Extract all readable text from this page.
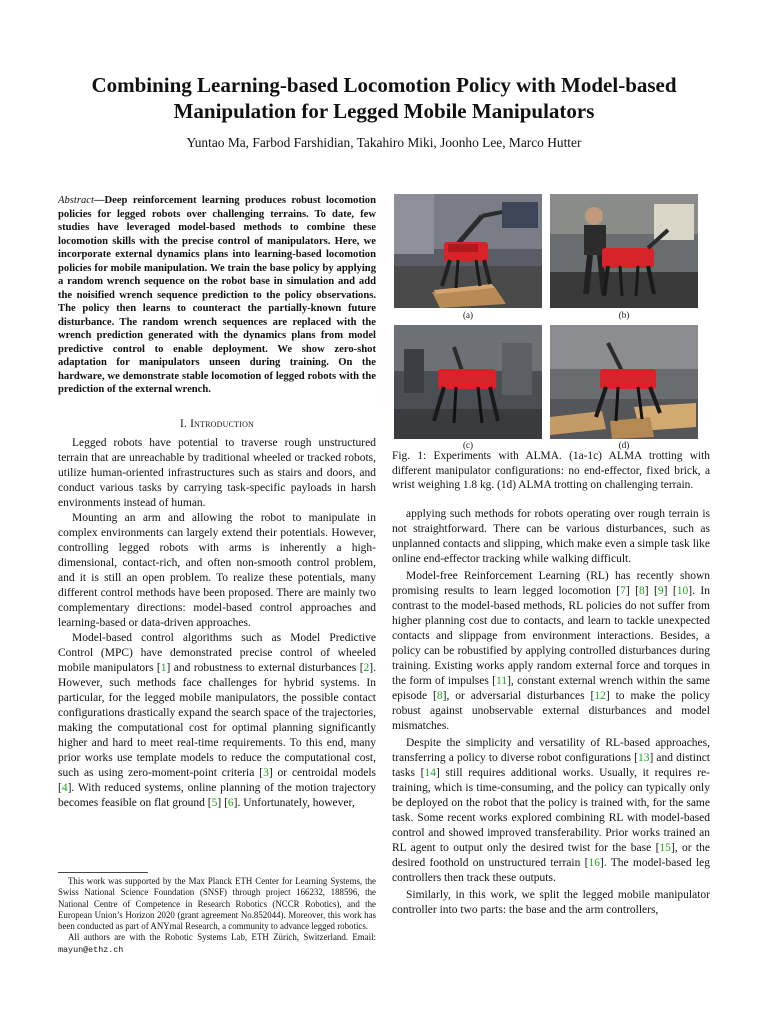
Combining Learning-based Locomotion Policy with Model-based Manipulation for Legged Mobile Manipulators
Yuntao Ma, Farbod Farshidian, Takahiro Miki, Joonho Lee, Marco Hutter
Abstract—Deep reinforcement learning produces robust locomotion policies for legged robots over challenging terrains. To date, few studies have leveraged model-based methods to combine these locomotion skills with the precise control of manipulators. Here, we incorporate external dynamics plans into learning-based locomotion policies for mobile manipulation. We train the base policy by applying a random wrench sequence on the robot base in simulation and add the noisified wrench sequence prediction to the policy observations. The policy then learns to counteract the partially-known future disturbance. The random wrench sequences are replaced with the wrench prediction generated with the dynamics plans from model predictive control to enable deployment. We show zero-shot adaptation for manipulators unseen during training. On the hardware, we demonstrate stable locomotion of legged robots with the prediction of the external wrench.
I. Introduction

Legged robots have potential to traverse rough unstructured terrain that are unreachable by traditional wheeled or tracked robots, utilize human-oriented infrastructures such as stairs and doors, and conduct various tasks by carrying task-specific payloads in harsh environments instead of human.

Mounting an arm and allowing the robot to manipulate in complex environments can largely extend their potentials. However, controlling legged robots with arms is inherently a high-dimensional, contact-rich, and often non-smooth control problem, and it is still an open problem. To realize these potentials, many different control methods have been proposed. There are mainly two complementary directions: model-based control approaches and learning-based or data-driven approaches.

Model-based control algorithms such as Model Predictive Control (MPC) have demonstrated precise control of wheeled mobile manipulators [1] and robustness to external disturbances [2]. However, such methods face challenges for hybrid systems. In particular, for the legged mobile manipulators, the possible contact configurations drastically expand the search space of the trajectories, making the computational cost for optimal planning significantly higher and hard to meet real-time requirements. To this end, many prior works use template models to reduce the computational cost, such as using zero-moment-point criteria [3] or centroidal models [4]. With reduced systems, online planning of the motion trajectory becomes feasible on flat ground [5] [6]. Unfortunately, however,

This work was supported by the Max Planck ETH Center for Learning Systems, the Swiss National Science Foundation (SNSF) through project 166232, 188596, the National Centre of Competence in Research Robotics (NCCR Robotics), and the European Union’s Horizon 2020 (grant agreement No.852044). Moreover, this work has been conducted as part of ANYmal Research, a community to advance legged robotics.

All authors are with the Robotic Systems Lab, ETH Zürich, Switzerland. Email: mayun@ethz.ch

(a)	(b)
(c)	(d)

Fig. 1: Experiments with ALMA. (1a-1c) ALMA trotting with different manipulator configurations: no end-effector, fixed brick, a wrist weighing 1.8 kg. (1d) ALMA trotting on challenging terrain.

applying such methods for robots operating over rough terrain is not straightforward. There can be various disturbances, such as unplanned contacts and slipping, which make even a simple task like online end-effector tracking while walking difficult.

Model-free Reinforcement Learning (RL) has recently shown promising results to learn legged locomotion [7] [8] [9] [10]. In contrast to the model-based methods, RL policies do not suffer from higher planning cost due to contacts, and learn to tackle unexpected contacts and slippage from environment interactions. Besides, a policy can be robustified by applying controlled disturbances during training. Existing works apply random external force and torques in the form of impulses [11], constant external wrench within the same episode [8], or adversarial disturbances [12] to make the policy robust against unobservable external disturbances and model mismatches.

Despite the simplicity and versatility of RL-based approaches, transferring a policy to diverse robot configurations [13] and distinct tasks [14] still requires additional works. Usually, it requires re-training, which is time-consuming, and the policy can typically only be deployed on the robot that the policy is trained with, for the same task. Some recent works explored combining RL with model-based control and showed improved transferability. Prior works trained an RL agent to output only the desired twist for the base [15], or the desired foothold on unstructured terrain [16]. The model-based leg controllers then track these outputs.

Similarly, in this work, we split the legged mobile manipulator controller into two parts: the base and the arm controllers,
